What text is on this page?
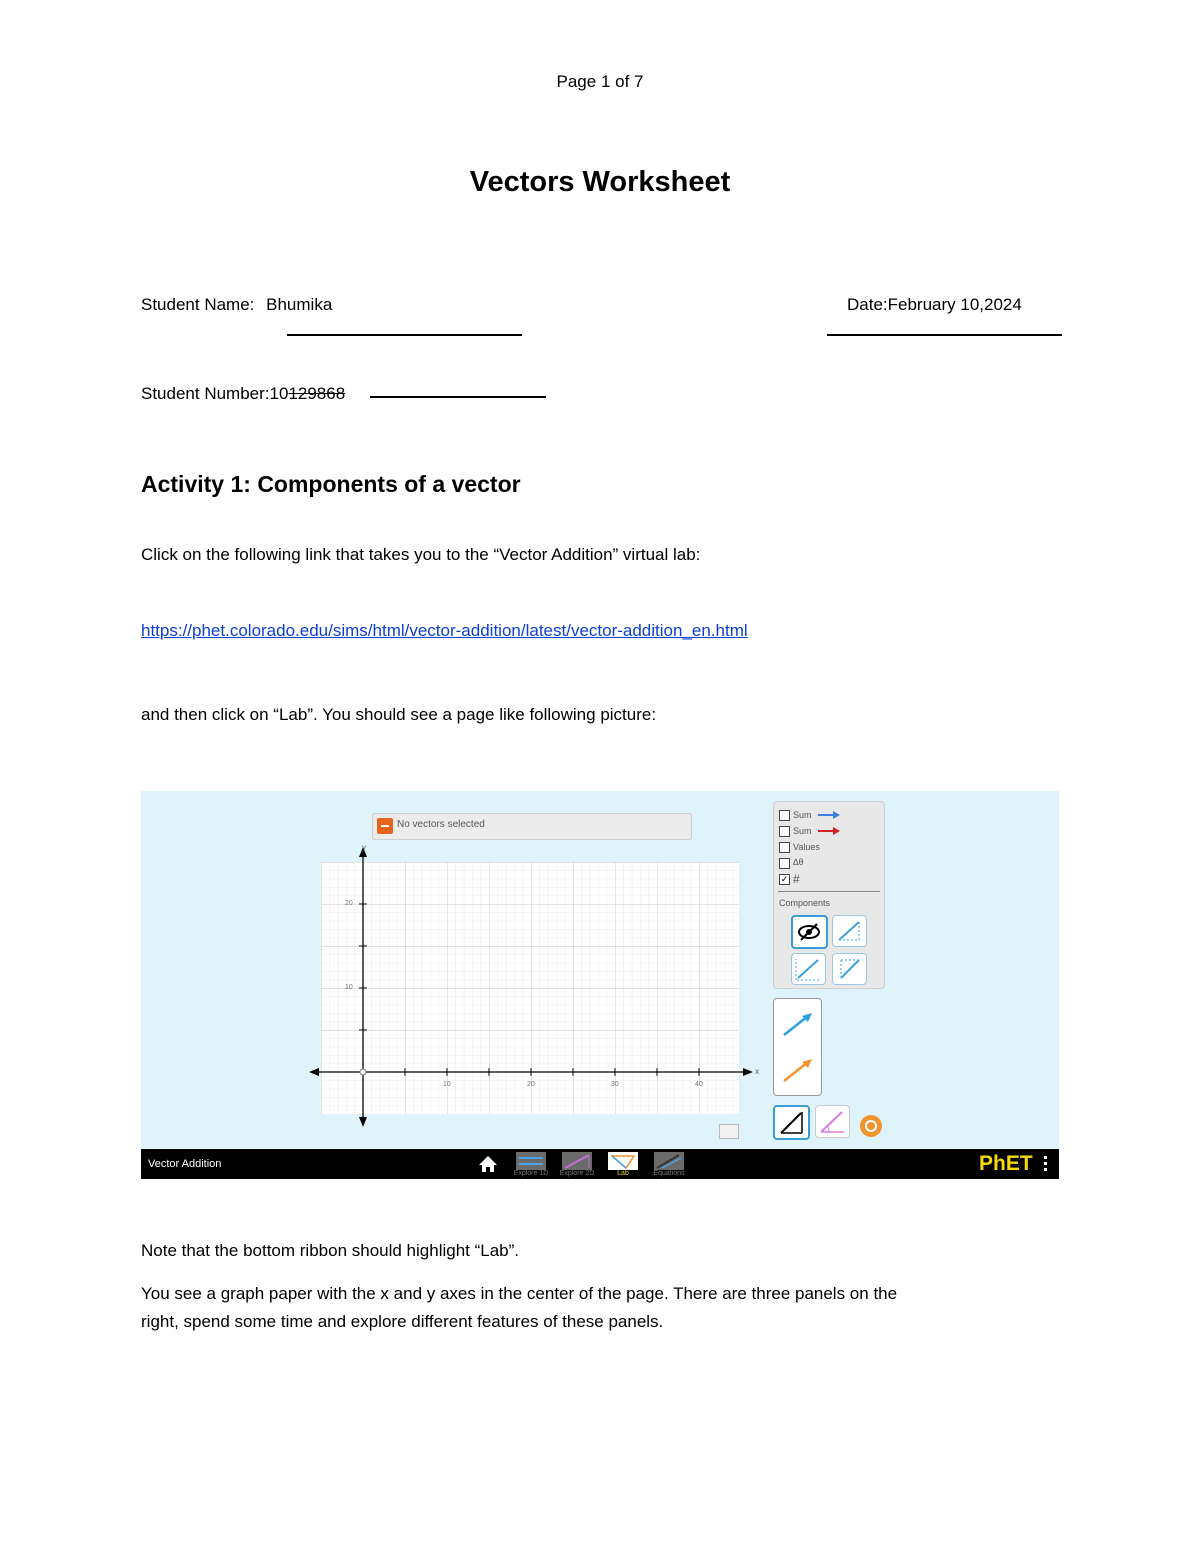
Page 1 of 7
Vectors Worksheet
Student Name: Bhumika	Date:February 10,2024
Student Number:10129868
Activity 1: Components of a vector
Click on the following link that takes you to the “Vector Addition” virtual lab:
https://phet.colorado.edu/sims/html/vector-addition/latest/vector-addition_en.html
and then click on “Lab”. You should see a page like following picture:
No vectors selected
y
x
20
10
10	20	30	40
Sum
Sum
Values
∆θ
✓ #
Components
Vector Addition
Explore 1D	Explore 2D	Lab	Equations	PhET
Note that the bottom ribbon should highlight “Lab”.
You see a graph paper with the x and y axes in the center of the page. There are three panels on the
right, spend some time and explore different features of these panels.
